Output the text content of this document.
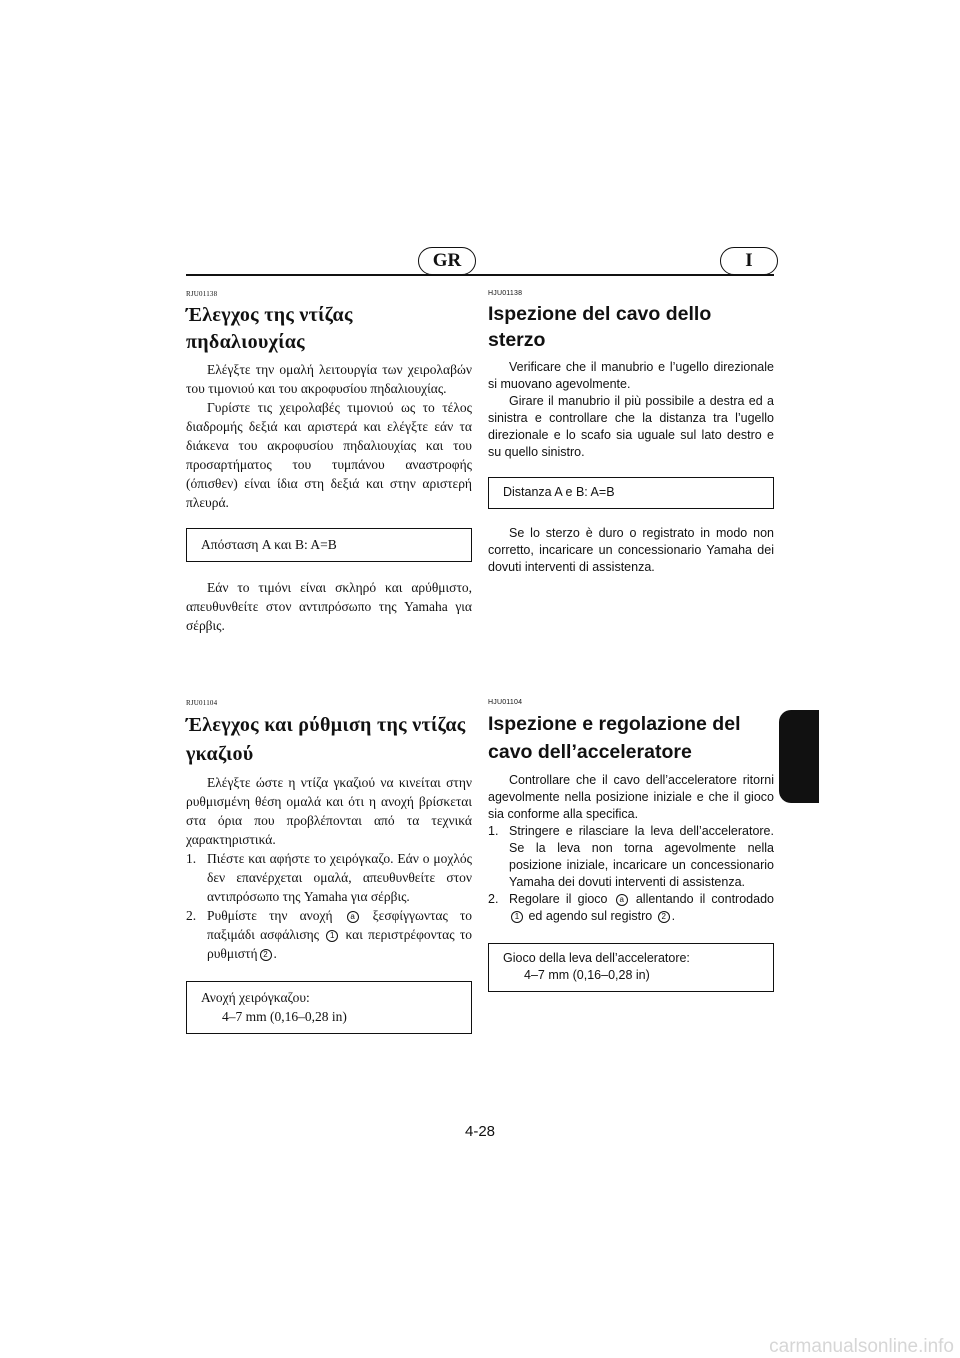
GR	I

RJU01138

Έλεγχος της ντίζας πηδαλιουχίας

Ελέγξτε την ομαλή λειτουργία των χειρολαβών του τιμονιού και του ακροφυσίου πηδαλιουχίας.

Γυρίστε τις χειρολαβές τιμονιού ως το τέλος διαδρομής δεξιά και αριστερά και ελέγξτε εάν τα διάκενα του ακροφυσίου πηδαλιουχίας και του προσαρτήματος του τυμπάνου αναστροφής (όπισθεν) είναι ίδια στη δεξιά και στην αριστερή πλευρά.

Απόσταση A και B: A=B

Εάν το τιμόνι είναι σκληρό και αρύθμιστο, απευθυνθείτε στον αντιπρόσωπο της Yamaha για σέρβις.

HJU01138

Ispezione del cavo dello sterzo

Verificare che il manubrio e l’ugello direzionale si muovano agevolmente.

Girare il manubrio il più possibile a destra ed a sinistra e controllare che la distanza tra l’ugello direzionale e lo scafo sia uguale sul lato destro e su quello sinistro.

Distanza A e B: A=B

Se lo sterzo è duro o registrato in modo non corretto, incaricare un concessionario Yamaha dei dovuti interventi di assistenza.

RJU01104

Έλεγχος και ρύθμιση της ντίζας γκαζιού

Ελέγξτε ώστε η ντίζα γκαζιού να κινείται στην ρυθμισμένη θέση ομαλά και ότι η ανοχή βρίσκεται στα όρια που προβλέπονται από τα τεχνικά χαρακτηριστικά.

1. Πιέστε και αφήστε το χειρόγκαζο. Εάν ο μοχλός δεν επανέρχεται ομαλά, απευθυνθείτε στον αντιπρόσωπο της Yamaha για σέρβις.
2. Ρυθμίστε την ανοχή a ξεσφίγγωντας το παξιμάδι ασφάλισης 1 και περιστρέφοντας το ρυθμιστή 2 .
Ανοχή χειρόγκαζου:
4–7 mm (0,16–0,28 in)

HJU01104

Ispezione e regolazione del cavo dell’acceleratore

Controllare che il cavo dell’acceleratore ritorni agevolmente nella posizione iniziale e che il gioco sia conforme alla specifica.

1. Stringere e rilasciare la leva dell’acceleratore. Se la leva non torna agevolmente nella posizione iniziale, incaricare un concessionario Yamaha dei dovuti interventi di assistenza.
2. Regolare il gioco a allentando il controdado 1 ed agendo sul registro 2 .
Gioco della leva dell’acceleratore:
4–7 mm (0,16–0,28 in)
4-28
carmanualsonline.info
